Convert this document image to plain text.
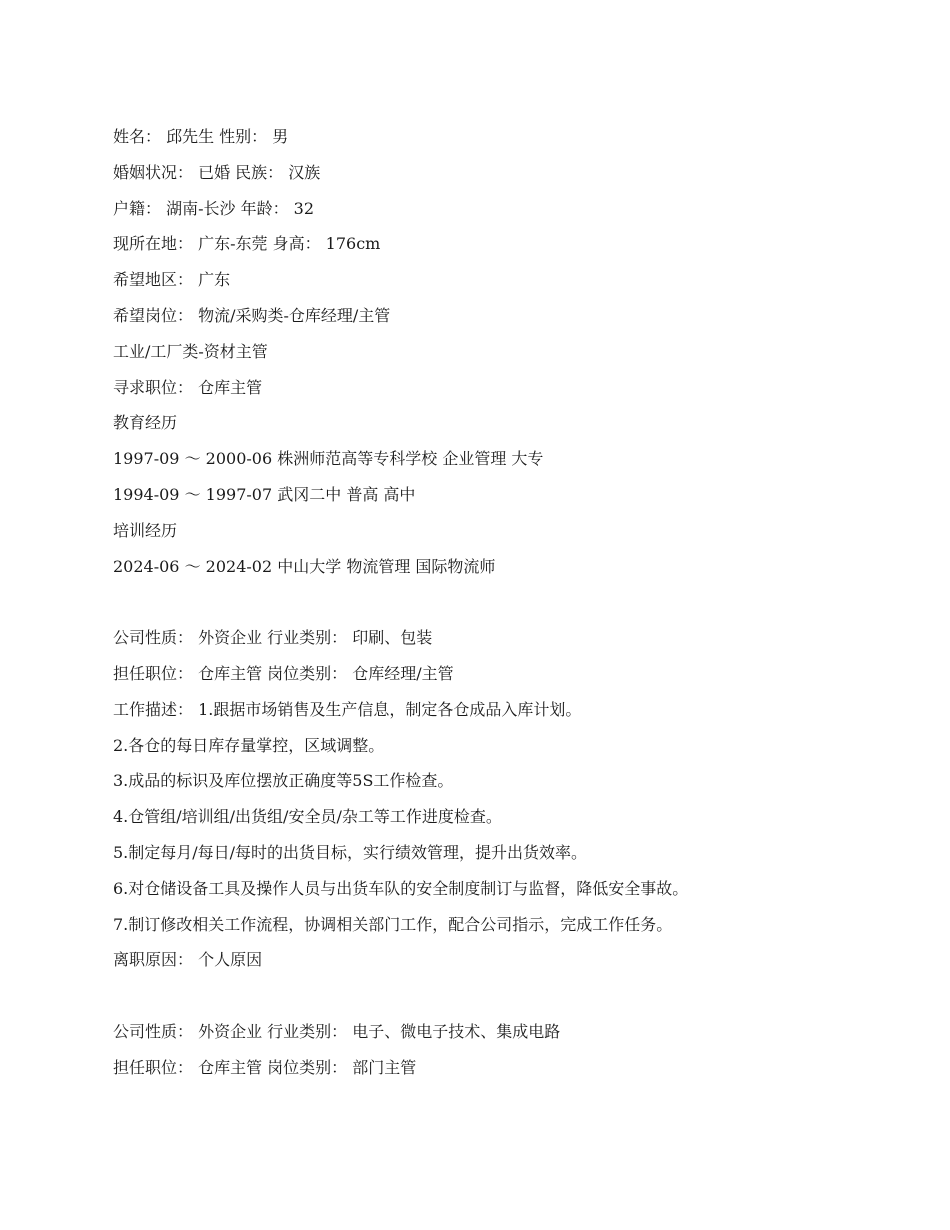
姓名： 邱先生 性别： 男
婚姻状况： 已婚 民族： 汉族
户籍： 湖南-长沙 年龄： 32
现所在地： 广东-东莞 身高： 176cm
希望地区： 广东
希望岗位： 物流/采购类-仓库经理/主管
工业/工厂类-资材主管
寻求职位： 仓库主管
教育经历
1997-09 ～ 2000-06 株洲师范高等专科学校 企业管理 大专
1994-09 ～ 1997-07 武冈二中 普高 高中
培训经历
2024-06 ～ 2024-02 中山大学 物流管理 国际物流师
公司性质： 外资企业 行业类别： 印刷、包装
担任职位： 仓库主管 岗位类别： 仓库经理/主管
工作描述： 1.跟据市场销售及生产信息，制定各仓成品入库计划。
2.各仓的每日库存量掌控，区域调整。
3.成品的标识及库位摆放正确度等5S工作检查。
4.仓管组/培训组/出货组/安全员/杂工等工作进度检查。
5.制定每月/每日/每时的出货目标，实行绩效管理，提升出货效率。
6.对仓储设备工具及操作人员与出货车队的安全制度制订与监督，降低安全事故。
7.制订修改相关工作流程，协调相关部门工作，配合公司指示，完成工作任务。
离职原因： 个人原因
公司性质： 外资企业 行业类别： 电子、微电子技术、集成电路
担任职位： 仓库主管 岗位类别： 部门主管
